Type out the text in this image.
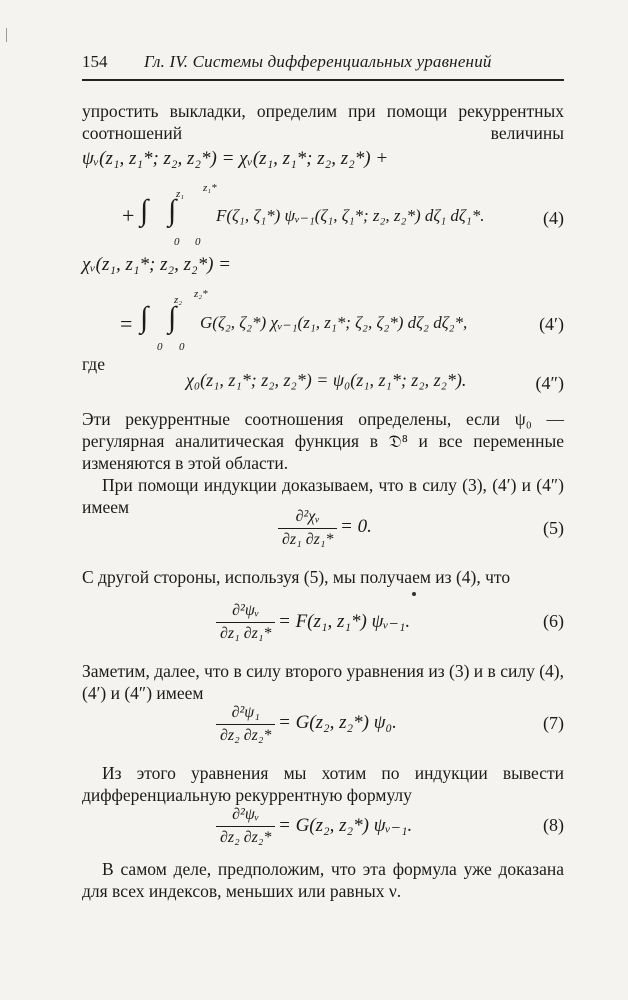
154 Гл. IV. Системы дифференциальных уравнений
упростить выкладки, определим при помощи рекуррентных соотношений величины
ψᵥ(z₁, z₁*; z₂, z₂*) = χᵥ(z₁, z₁*; z₂, z₂*) +
+ ∫ ∫ z₁ z₁*
0 0
F(ζ₁, ζ₁*) ψᵥ₋₁(ζ₁, ζ₁*; z₂, z₂*) dζ₁ dζ₁*.	(4)
χᵥ(z₁, z₁*; z₂, z₂*) =
= ∫ ∫
z₂ z₂*
0 0
G(ζ₂, ζ₂*) χᵥ₋₁(z₁, z₁*; ζ₂, ζ₂*) dζ₂ dζ₂*,	(4′)
где
χ₀(z₁, z₁*; z₂, z₂*) = ψ₀(z₁, z₁*; z₂, z₂*).	(4″)
Эти рекуррентные соотношения определены, если ψ₀ — регулярная аналитическая функция в 𝔇⁸ и все переменные изменяются в этой области.
При помощи индукции доказываем, что в силу (3), (4′) и (4″) имеем
$\frac{\text{∂²χᵥ}}{\text{∂z₁ ∂z₁*}} = 0$.	(5)
С другой стороны, используя (5), мы получаем из (4), что
$\frac{\text{∂²ψᵥ}}{\text{∂z₁ ∂z₁*}} = F(z_1$, z₁*) ψᵥ₋₁.	(6)
Заметим, далее, что в силу второго уравнения из (3) и в силу (4), (4′) и (4″) имеем
$\frac{\text{∂²ψ₁}}{\text{∂z₂ ∂z₂*}} = G(z_2$, z₂*) ψ₀.	(7)
Из этого уравнения мы хотим по индукции вывести дифференциальную рекуррентную формулу
$\frac{\text{∂²ψᵥ}}{\text{∂z₂ ∂z₂*}} = G(z_2$, z₂*) ψᵥ₋₁.	(8)
В самом деле, предположим, что эта формула уже доказана для всех индексов, меньших или равных ν.
